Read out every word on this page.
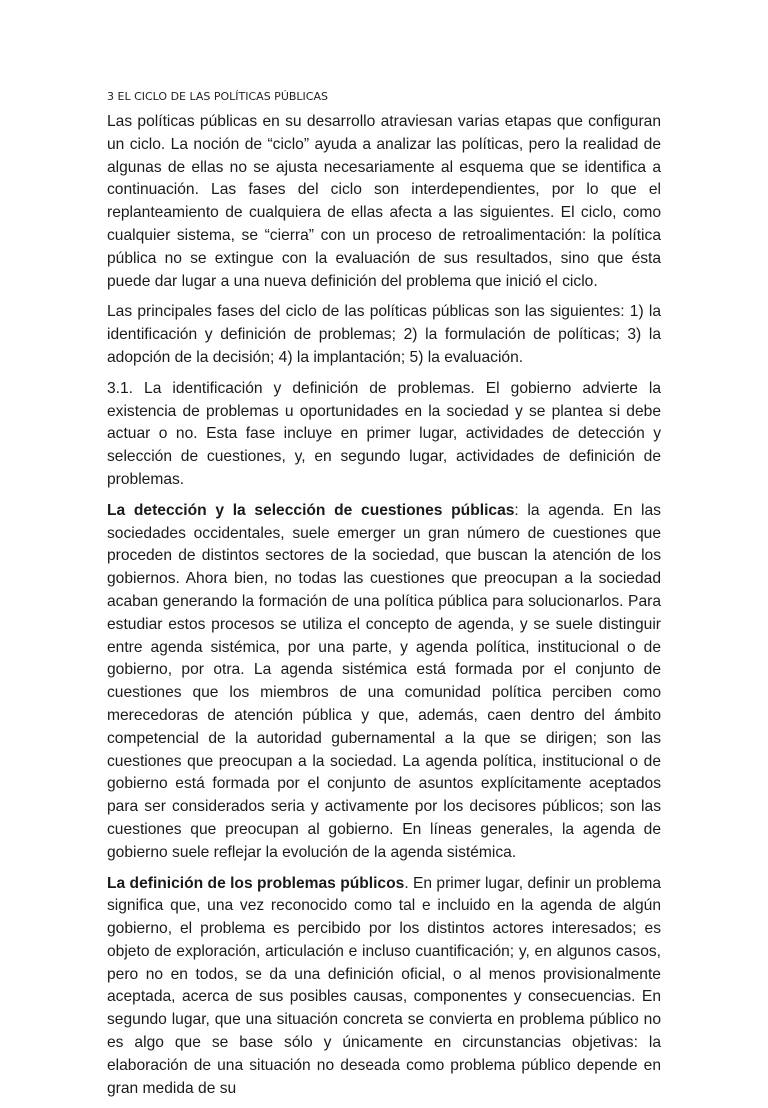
3 EL CICLO DE LAS POLÍTICAS PÚBLICAS

Las políticas públicas en su desarrollo atraviesan varias etapas que configuran un ciclo. La noción de “ciclo” ayuda a analizar las políticas, pero la realidad de algunas de ellas no se ajusta necesariamente al esquema que se identifica a continuación. Las fases del ciclo son interdependientes, por lo que el replanteamiento de cualquiera de ellas afecta a las siguientes. El ciclo, como cualquier sistema, se “cierra” con un proceso de retroalimentación: la política pública no se extingue con la evaluación de sus resultados, sino que ésta puede dar lugar a una nueva definición del problema que inició el ciclo.

Las principales fases del ciclo de las políticas públicas son las siguientes: 1) la identificación y definición de problemas; 2) la formulación de políticas; 3) la adopción de la decisión; 4) la implantación; 5) la evaluación.

3.1. La identificación y definición de problemas. El gobierno advierte la existencia de problemas u oportunidades en la sociedad y se plantea si debe actuar o no. Esta fase incluye en primer lugar, actividades de detección y selección de cuestiones, y, en segundo lugar, actividades de definición de problemas.

La detección y la selección de cuestiones públicas: la agenda. En las sociedades occidentales, suele emerger un gran número de cuestiones que proceden de distintos sectores de la sociedad, que buscan la atención de los gobiernos. Ahora bien, no todas las cuestiones que preocupan a la sociedad acaban generando la formación de una política pública para solucionarlos. Para estudiar estos procesos se utiliza el concepto de agenda, y se suele distinguir entre agenda sistémica, por una parte, y agenda política, institucional o de gobierno, por otra. La agenda sistémica está formada por el conjunto de cuestiones que los miembros de una comunidad política perciben como merecedoras de atención pública y que, además, caen dentro del ámbito competencial de la autoridad gubernamental a la que se dirigen; son las cuestiones que preocupan a la sociedad. La agenda política, institucional o de gobierno está formada por el conjunto de asuntos explícitamente aceptados para ser considerados seria y activamente por los decisores públicos; son las cuestiones que preocupan al gobierno. En líneas generales, la agenda de gobierno suele reflejar la evolución de la agenda sistémica.

La definición de los problemas públicos. En primer lugar, definir un problema significa que, una vez reconocido como tal e incluido en la agenda de algún gobierno, el problema es percibido por los distintos actores interesados; es objeto de exploración, articulación e incluso cuantificación; y, en algunos casos, pero no en todos, se da una definición oficial, o al menos provisionalmente aceptada, acerca de sus posibles causas, componentes y consecuencias. En segundo lugar, que una situación concreta se convierta en problema público no es algo que se base sólo y únicamente en circunstancias objetivas: la elaboración de una situación no deseada como problema público depende en gran medida de su
